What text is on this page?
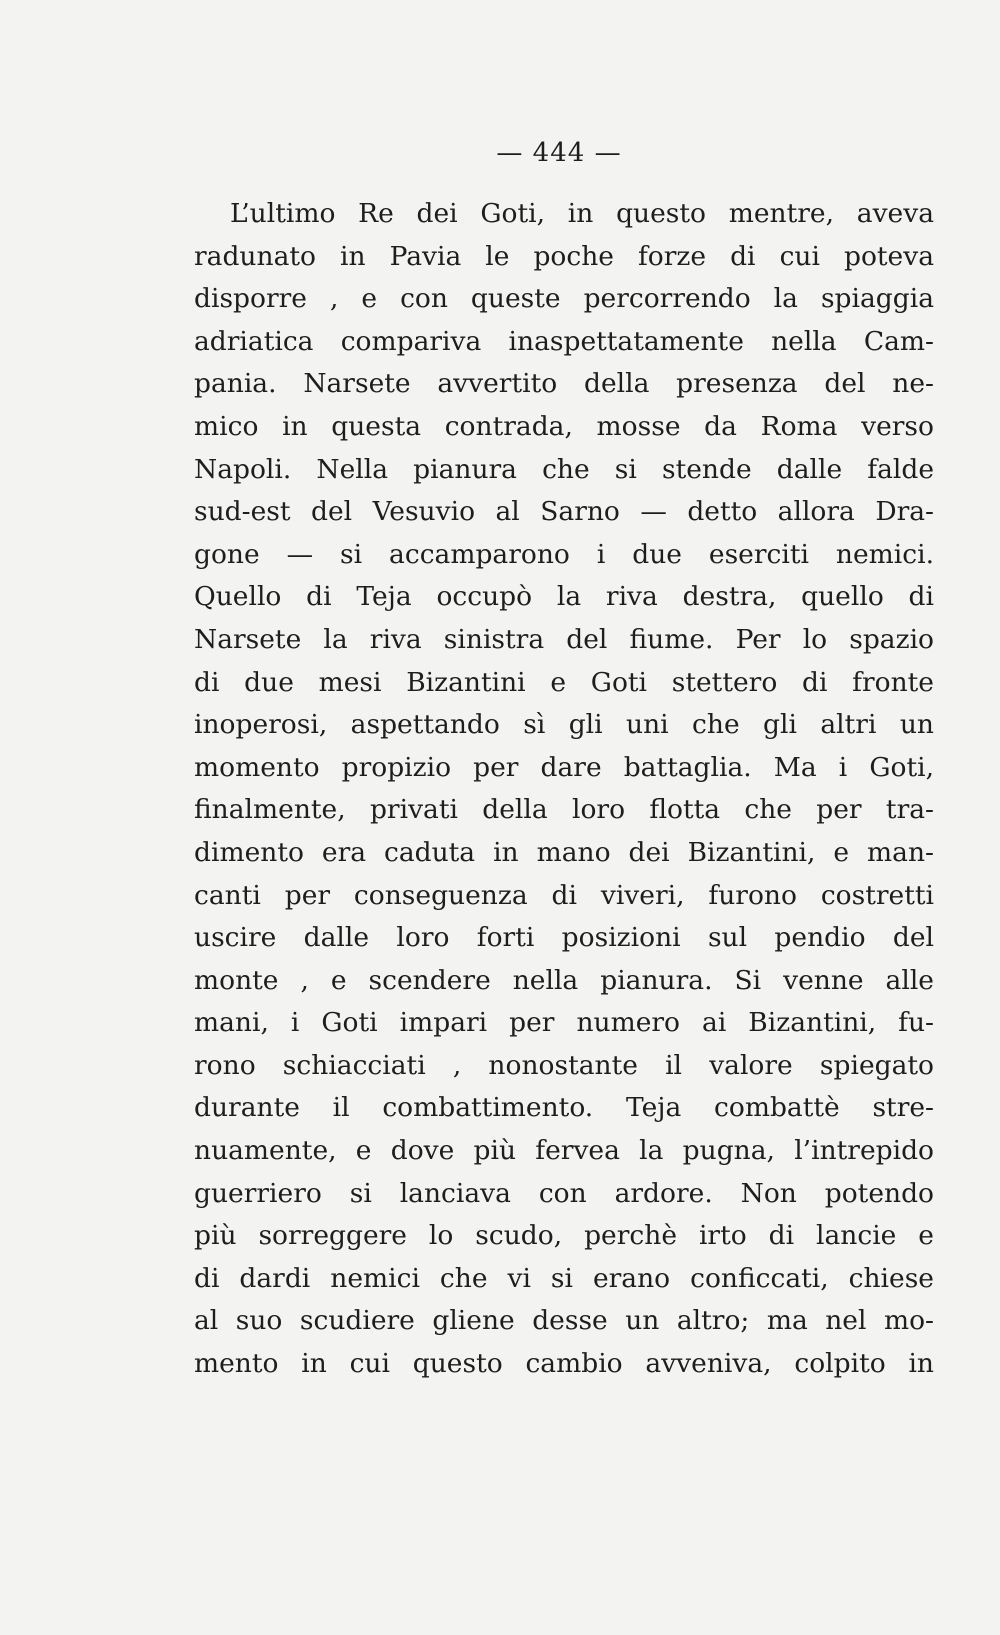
— 444 —
L’ultimo Re dei Goti, in questo mentre, aveva
radunato in Pavia le poche forze di cui poteva
disporre , e con queste percorrendo la spiaggia
adriatica compariva inaspettatamente nella Cam-
pania. Narsete avvertito della presenza del ne-
mico in questa contrada, mosse da Roma verso
Napoli. Nella pianura che si stende dalle falde
sud-est del Vesuvio al Sarno — detto allora Dra-
gone — si accamparono i due eserciti nemici.
Quello di Teja occupò la riva destra, quello di
Narsete la riva sinistra del fiume. Per lo spazio
di due mesi Bizantini e Goti stettero di fronte
inoperosi, aspettando sì gli uni che gli altri un
momento propizio per dare battaglia. Ma i Goti,
finalmente, privati della loro flotta che per tra-
dimento era caduta in mano dei Bizantini, e man-
canti per conseguenza di viveri, furono costretti
uscire dalle loro forti posizioni sul pendio del
monte , e scendere nella pianura. Si venne alle
mani, i Goti impari per numero ai Bizantini, fu-
rono schiacciati , nonostante il valore spiegato
durante il combattimento. Teja combattè stre-
nuamente, e dove più fervea la pugna, l’intrepido
guerriero si lanciava con ardore. Non potendo
più sorreggere lo scudo, perchè irto di lancie e
di dardi nemici che vi si erano conficcati, chiese
al suo scudiere gliene desse un altro; ma nel mo-
mento in cui questo cambio avveniva, colpito in
